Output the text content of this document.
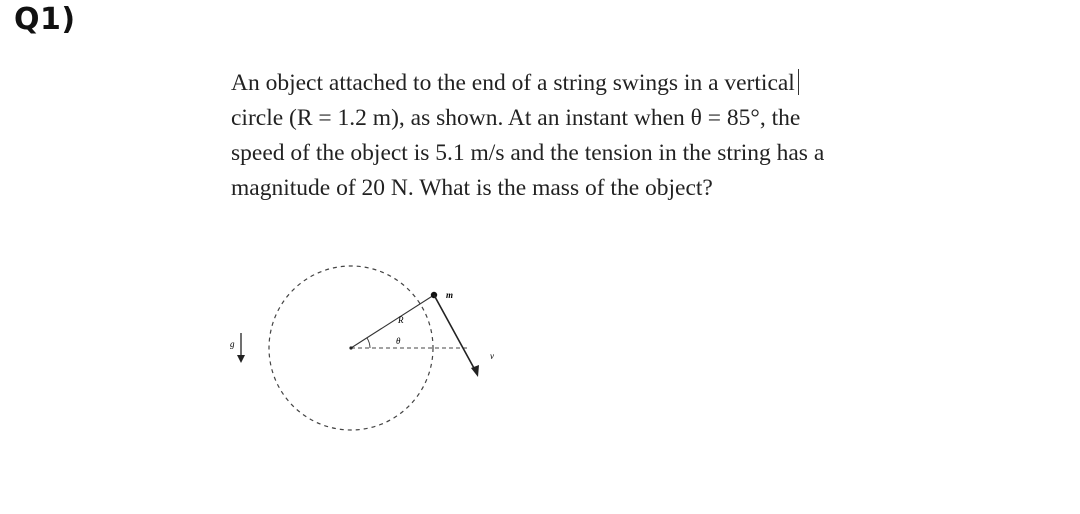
Q1)
An object attached to the end of a string swings in a vertical
circle (R = 1.2 m), as shown. At an instant when θ = 85°, the
speed of the object is 5.1 m/s and the tension in the string has a
magnitude of 20 N. What is the mass of the object?
g	θ
R
m
v
